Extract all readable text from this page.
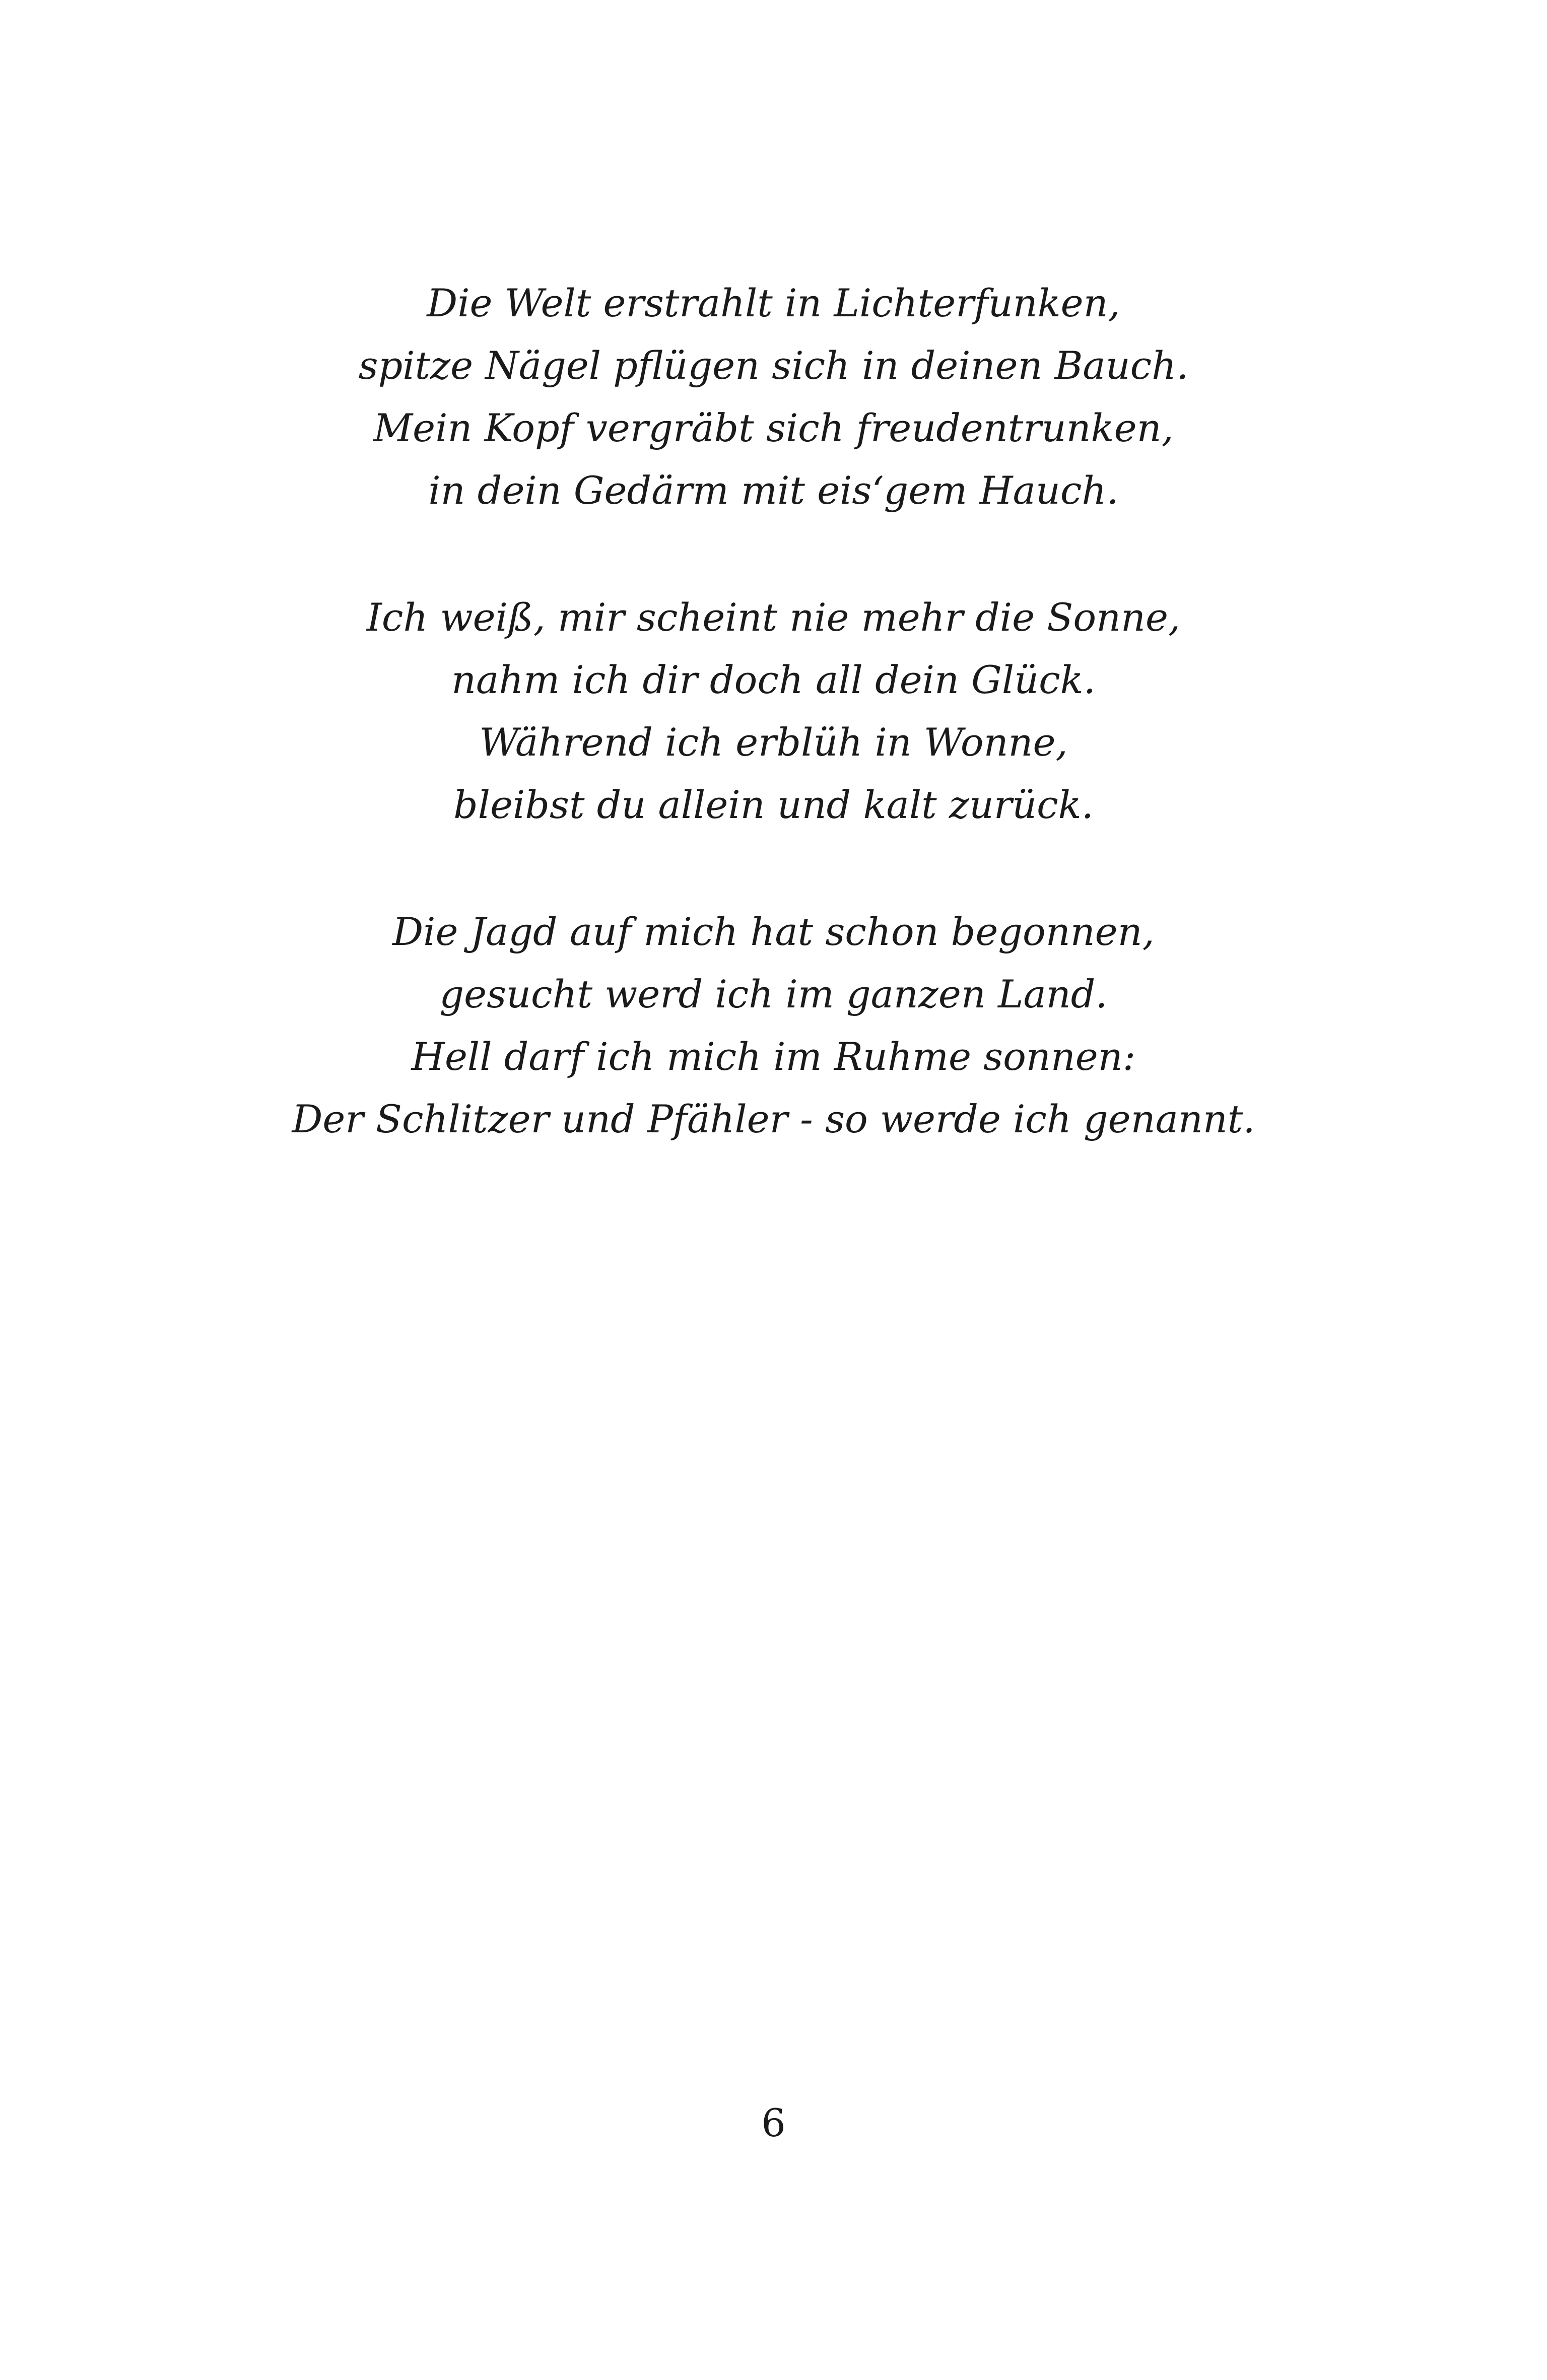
Die Welt erstrahlt in Lichterfunken,
spitze Nägel pflügen sich in deinen Bauch.
Mein Kopf vergräbt sich freudentrunken,
in dein Gedärm mit eis‘gem Hauch.
Ich weiß, mir scheint nie mehr die Sonne,
nahm ich dir doch all dein Glück.
Während ich erblüh in Wonne,
bleibst du allein und kalt zurück.
Die Jagd auf mich hat schon begonnen,
gesucht werd ich im ganzen Land.
Hell darf ich mich im Ruhme sonnen:
Der Schlitzer und Pfähler - so werde ich genannt.
6
